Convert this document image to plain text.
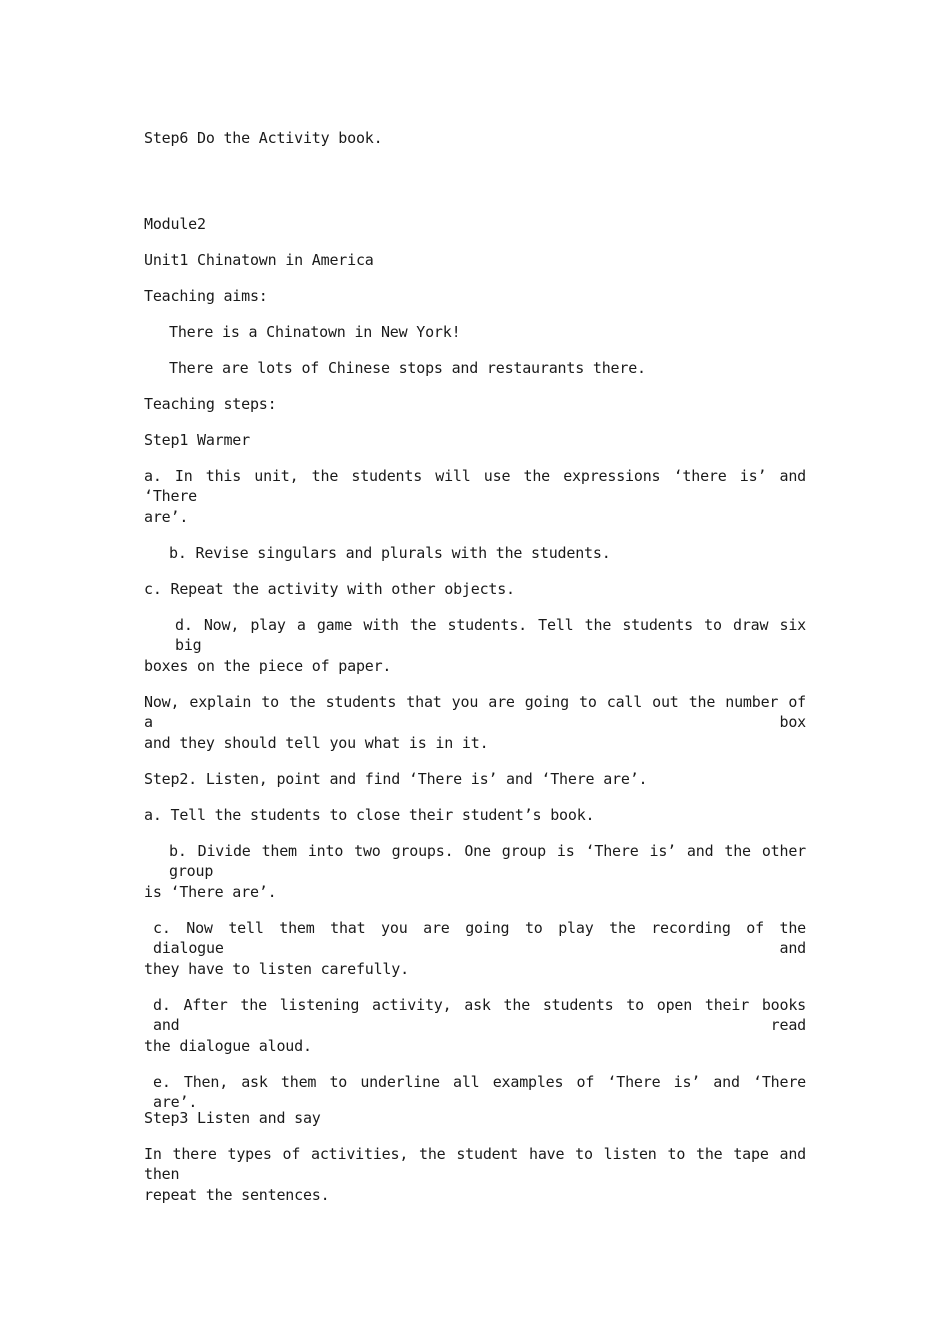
Step6 Do the Activity book.
Module2
Unit1 Chinatown in America
Teaching aims:
There is a Chinatown in New York!
There are lots of Chinese stops and restaurants there.
Teaching steps:
Step1 Warmer
a. In this unit, the students will use the expressions ‘there is’ and ‘There
are’.
b. Revise singulars and plurals with the students.
c. Repeat the activity with other objects.
d. Now, play a game with the students. Tell the students to draw six big
boxes on the piece of paper.
Now, explain to the students that you are going to call out the number of a box
and they should tell you what is in it.
Step2. Listen, point and find ‘There is’ and ‘There are’.
a. Tell the students to close their student’s book.
b. Divide them into two groups. One group is ‘There is’ and the other group
is ‘There are’.
c. Now tell them that you are going to play the recording of the dialogue and
they have to listen carefully.
d. After the listening activity, ask the students to open their books and read
the dialogue aloud.
e. Then, ask them to underline all examples of ‘There is’ and ‘There are’.
Step3 Listen and say
In there types of activities, the student have to listen to the tape and then
repeat the sentences.
